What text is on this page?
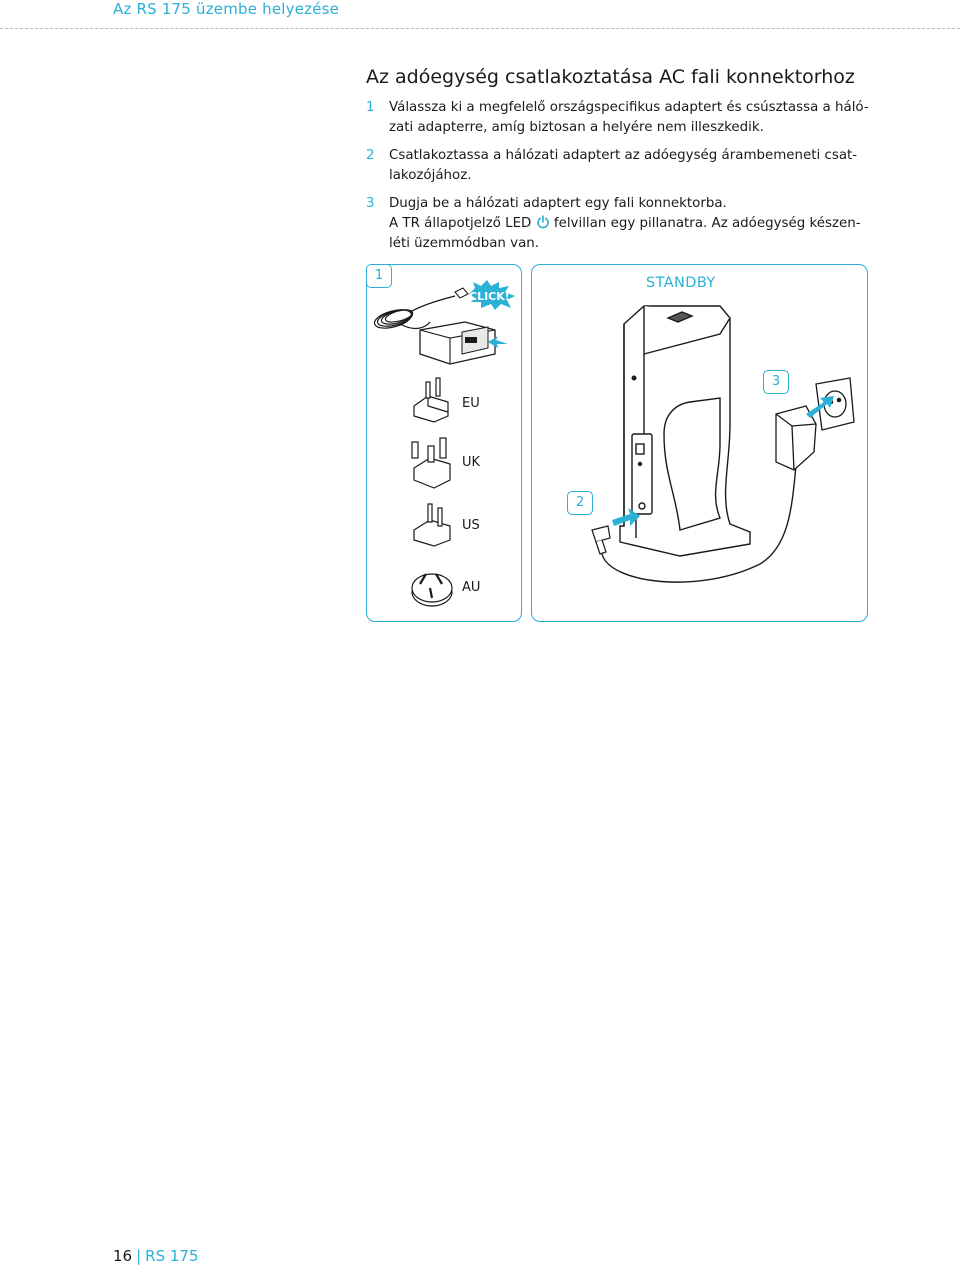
Az RS 175 üzembe helyezése
Az adóegység csatlakoztatása AC fali konnektorhoz
1 Válassza ki a megfelelő országspecifikus adaptert és csúsztassa a háló-zati adapterre, amíg biztosan a helyére nem illeszkedik.
2 Csatlakoztassa a hálózati adaptert az adóegység árambemeneti csat-lakozójához.
3 Dugja be a hálózati adaptert egy fali konnektorba.
A TR állapotjelző LED felvillan egy pillanatra. Az adóegység készen-léti üzemmódban van.
1
CLICK!
EU
UK
US
AU
STANDBY
3
2
16 | RS 175
